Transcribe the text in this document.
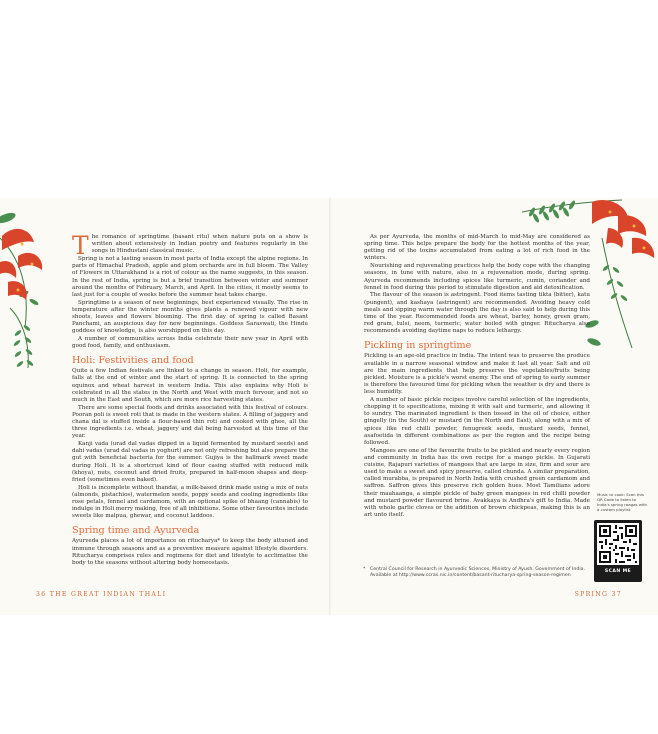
The romance of springtime (basant ritu) when nature puts on a show is written about extensively in Indian poetry and features regularly in the songs in Hindustani classical music.

Spring is not a lasting season in most parts of India except the alpine regions. In parts of Himachal Pradesh, apple and plum orchards are in full bloom. The Valley of Flowers in Uttarakhand is a riot of colour as the name suggests, in this season. In the rest of India, spring is but a brief transition between winter and summer around the months of February, March, and April. In the cities, it mostly seems to last just for a couple of weeks before the summer heat takes charge.

Springtime is a season of new beginnings, best experienced visually. The rise in temperature after the winter months gives plants a renewed vigour with new shoots, leaves and flowers blooming. The first day of spring is called Basant Panchami, an auspicious day for new beginnings. Goddess Saraswati, the Hindu goddess of knowledge, is also worshipped on this day.

A number of communities across India celebrate their new year in April with good food, family, and enthusiasm.

Holi: Festivities and food

Quite a few Indian festivals are linked to a change in season. Holi, for example, falls at the end of winter and the start of spring. It is connected to the spring equinox and wheat harvest in western India. This also explains why Holi is celebrated in all the states in the North and West with much fervour, and not so much in the East and South, which are more rice harvesting states.

There are some special foods and drinks associated with this festival of colours. Pooran poli is sweet roti that is made in the western states. A filling of jaggery and chana dal is stuffed inside a flour-based thin roti and cooked with ghee, all the three ingredients i.e. wheat, jaggery and dal being harvested at this time of the year.

Kanji vada (urad dal vadas dipped in a liquid fermented by mustard seeds) and dahi vadas (urad dal vadas in yoghurt) are not only refreshing but also prepare the gut with beneficial bacteria for the summer. Gujiya is the hallmark sweet made during Holi. It is a shortcrust kind of flour casing stuffed with reduced milk (khoya), nuts, coconut and dried fruits, prepared in half-moon shapes and deep-fried (sometimes even baked).

Holi is incomplete without thandai, a milk-based drink made using a mix of nuts (almonds, pistachios), watermelon seeds, poppy seeds and cooling ingredients like rose petals, fennel and cardamom, with an optional spike of bhaang (cannabis) to indulge in Holi merry making, free of all inhibitions. Some other favourites include sweets like malpua, ghewar, and coconut laddoos.

Spring time and Ayurveda

Ayurveda places a lot of importance on ritucharya* to keep the body attuned and immune through seasons and as a preventive measure against lifestyle disorders. Ritucharya comprises rules and regimens for diet and lifestyle to acclimatise the body to the seasons without altering body homeostasis.

As per Ayurveda, the months of mid-March to mid-May are considered as spring time. This helps prepare the body for the hottest months of the year, getting rid of the toxins accumulated from eating a lot of rich food in the winters.

Nourishing and rejuvenating practices help the body cope with the changing seasons, in tune with nature, also in a rejuvenation mode, during spring. Ayurveda recommends including spices like turmeric, cumin, coriander and fennel in food during this period to stimulate digestion and aid detoxification.

The flavour of the season is astringent. Food items tasting tikta (bitter), katu (pungent), and kashaya (astringent) are recommended. Avoiding heavy cold meals and sipping warm water through the day is also said to help during this time of the year. Recommended foods are wheat, barley, honey, green gram, red gram, tulsi, neem, turmeric, water boiled with ginger. Ritucharya also recommends avoiding daytime naps to reduce lethargy.

Pickling in springtime

Pickling is an age-old practice in India. The intent was to preserve the produce available in a narrow seasonal window and make it last all year. Salt and oil are the main ingredients that help preserve the vegetables/fruits being pickled. Moisture is a pickle's worst enemy. The end of spring to early summer is therefore the favoured time for pickling when the weather is dry and there is less humidity.

A number of basic pickle recipes involve careful selection of the ingredients, chopping it to specifications, mixing it with salt and turmeric, and allowing it to sundry. The marinated ingredient is then tossed in the oil of choice, either gingelly (in the South) or mustard (in the North and East), along with a mix of spices like red chilli powder, fenugreek seeds, mustard seeds, fennel, asafoetida in different combinations as per the region and the recipe being followed.

Mangoes are one of the favourite fruits to be pickled and nearly every region and community in India has its own recipe for a mango pickle. In Gujarati cuisine, Rajapuri varieties of mangoes that are large in size, firm and sour are used to make a sweet and spicy preserve, called chunda. A similar preparation, called murabba, is prepared in North India with crushed green cardamom and saffron. Saffron gives this preserve rich golden hues. Most Tamilians adore their maahaanga, a simple pickle of baby green mangoes in red chilli powder and mustard powder flavoured brine. Avakkaya is Andhra's gift to India. Made with whole garlic cloves or the addition of brown chickpeas, making this is an art unto itself.

* Central Council for Research in Ayurvedic Sciences, Ministry of Ayush, Government of India. Available at http://www.ccras.nic.in/content/basant-ritucharya-spring-season-regimen
Music to cook: Scan this QR Code to listen to India's spring raagas with a custom playlist.
SCAN ME
36 THE GREAT INDIAN THALI	SPRING 37
